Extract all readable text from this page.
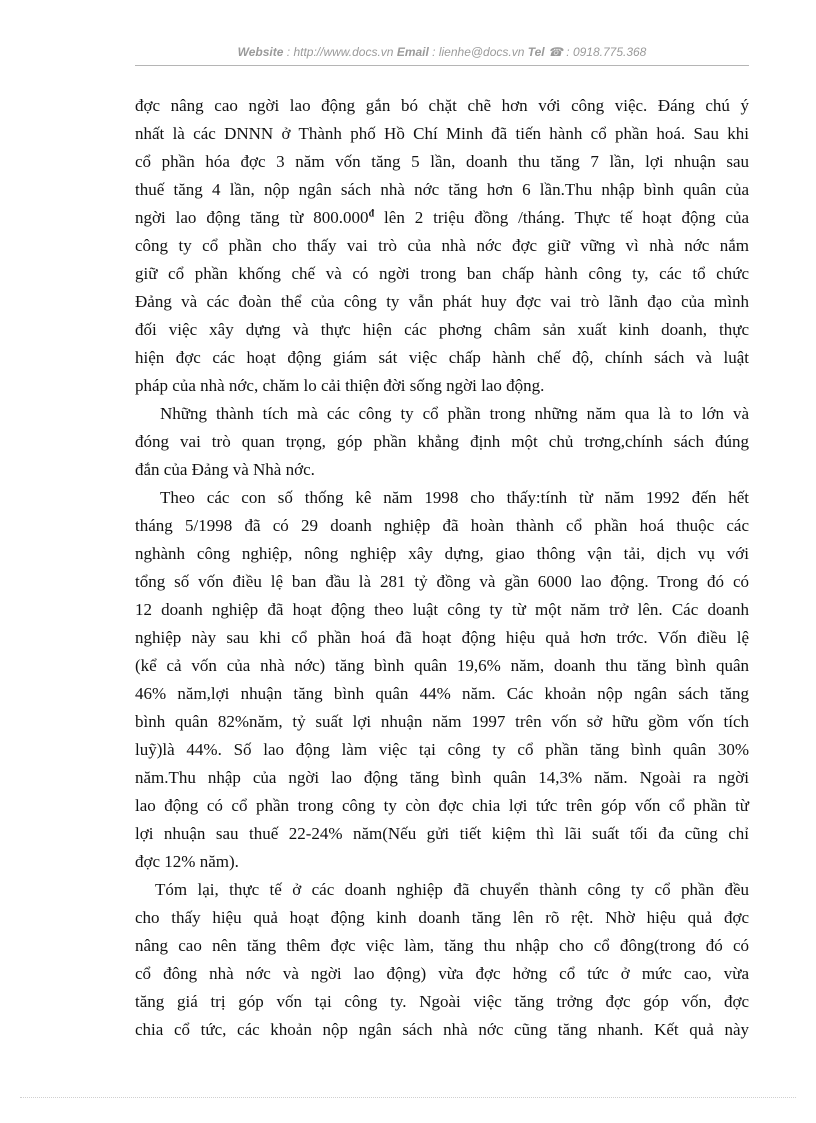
Website : http://www.docs.vn Email : lienhe@docs.vn Tel ☎ : 0918.775.368

đợc nâng cao ngời lao động gắn bó chặt chẽ hơn với công việc. Đáng chú ý
nhất là các DNNN ở Thành phố Hồ Chí Minh đã tiến hành cổ phần hoá. Sau khi
cổ phần hóa đợc 3 năm vốn tăng 5 lần, doanh thu tăng 7 lần, lợi nhuận sau
thuế tăng 4 lần, nộp ngân sách nhà nớc tăng hơn 6 lần.Thu nhập bình quân của
ngời lao động tăng từ $800.000^đ$ lên 2 triệu đồng /tháng. Thực tế hoạt động của
công ty cổ phần cho thấy vai trò của nhà nớc đợc giữ vững vì nhà nớc nắm
giữ cổ phần khống chế và có ngời trong ban chấp hành công ty, các tổ chức
Đảng và các đoàn thể của công ty vẫn phát huy đợc vai trò lãnh đạo của mình
đối việc xây dựng và thực hiện các phơng châm sản xuất kinh doanh, thực
hiện đợc các hoạt động giám sát việc chấp hành chế độ, chính sách và luật
pháp của nhà nớc, chăm lo cải thiện đời sống ngời lao động.

Những thành tích mà các công ty cổ phần trong những năm qua là to lớn và
đóng vai trò quan trọng, góp phần khẳng định một chủ trơng,chính sách đúng
đắn của Đảng và Nhà nớc.

Theo các con số thống kê năm 1998 cho thấy:tính từ năm 1992 đến hết
tháng 5/1998 đã có 29 doanh nghiệp đã hoàn thành cổ phần hoá thuộc các
nghành công nghiệp, nông nghiệp xây dựng, giao thông vận tải, dịch vụ với
tổng số vốn điều lệ ban đầu là 281 tỷ đồng và gần 6000 lao động. Trong đó có
12 doanh nghiệp đã hoạt động theo luật công ty từ một năm trở lên. Các doanh
nghiệp này sau khi cổ phần hoá đã hoạt động hiệu quả hơn trớc. Vốn điều lệ
(kể cả vốn của nhà nớc) tăng bình quân 19,6% năm, doanh thu tăng bình quân
46% năm,lợi nhuận tăng bình quân 44% năm. Các khoản nộp ngân sách tăng
bình quân 82%năm, tỷ suất lợi nhuận năm 1997 trên vốn sở hữu gồm vốn tích
luỹ)là 44%. Số lao động làm việc tại công ty cổ phần tăng bình quân 30%
năm.Thu nhập của ngời lao động tăng bình quân 14,3% năm. Ngoài ra ngời
lao động có cổ phần trong công ty còn đợc chia lợi tức trên góp vốn cổ phần từ
lợi nhuận sau thuế 22-24% năm(Nếu gửi tiết kiệm thì lãi suất tối đa cũng chỉ
đợc 12% năm).

Tóm lại, thực tế ở các doanh nghiệp đã chuyển thành công ty cổ phần đều
cho thấy hiệu quả hoạt động kinh doanh tăng lên rõ rệt. Nhờ hiệu quả đợc
nâng cao nên tăng thêm đợc việc làm, tăng thu nhập cho cổ đông(trong đó có
cổ đông nhà nớc và ngời lao động) vừa đợc hởng cổ tức ở mức cao, vừa
tăng giá trị góp vốn tại công ty. Ngoài việc tăng trởng đợc góp vốn, đợc
chia cổ tức, các khoản nộp ngân sách nhà nớc cũng tăng nhanh. Kết quả này
